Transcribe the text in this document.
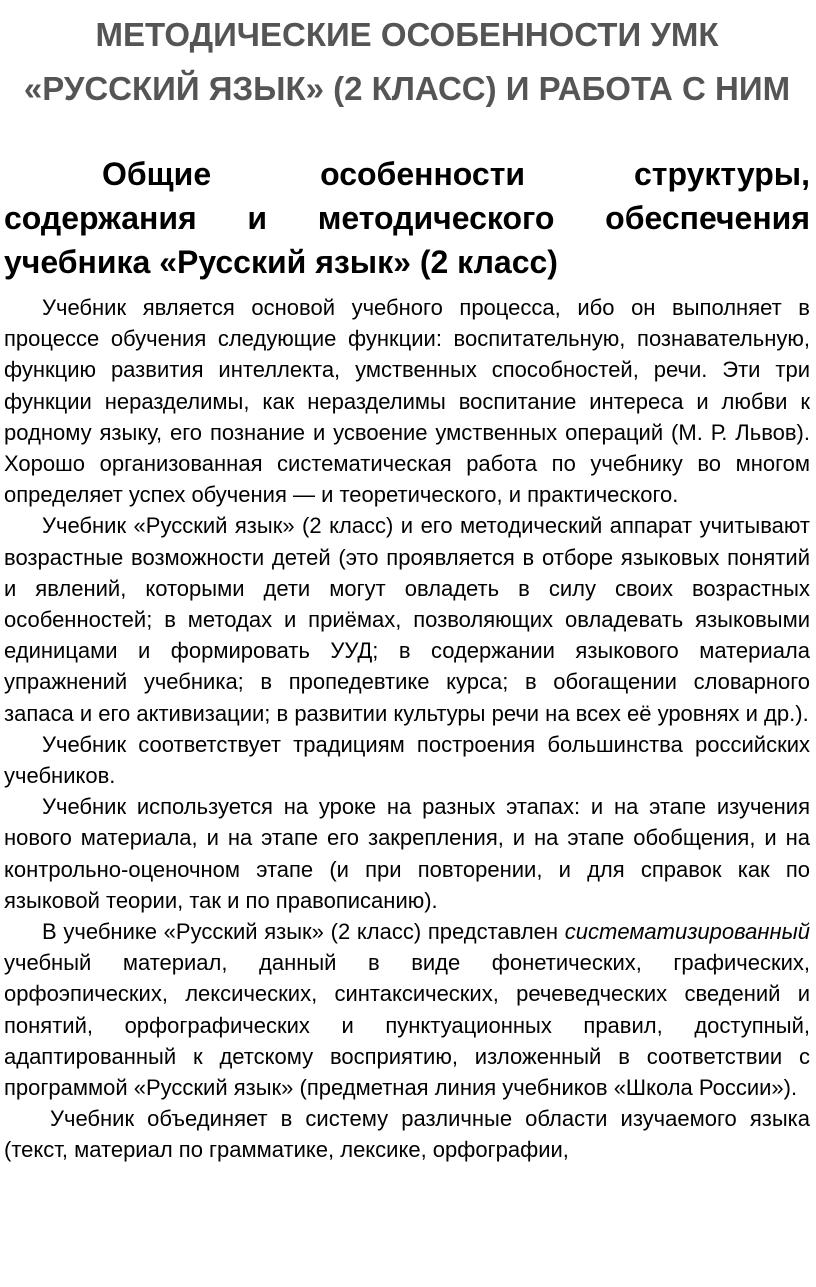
МЕТОДИЧЕСКИЕ ОСОБЕННОСТИ УМК
«РУССКИЙ ЯЗЫК» (2 КЛАСС) И РАБОТА С НИМ
Общие особенности структуры,
содержания и методического обеспечения
учебника «Русский язык» (2 класс)

Учебник является основой учебного процесса, ибо он выполняет в процессе обучения следующие функции: воспитательную, познавательную, функцию развития интеллекта, умственных способностей, речи. Эти три функции неразделимы, как неразделимы воспитание интереса и любви к родному языку, его познание и усвоение умственных операций (М. Р. Львов). Хорошо организованная систематическая работа по учебнику во многом определяет успех обучения — и теоретического, и практического.

Учебник «Русский язык» (2 класс) и его методический аппарат учитывают возрастные возможности детей (это проявляется в отборе языковых понятий и явлений, которыми дети могут овладеть в силу своих возрастных особенностей; в методах и приёмах, позволяющих овладевать языковыми единицами и формировать УУД; в содержании языкового материала упражнений учебника; в пропедевтике курса; в обогащении словарного запаса и его активизации; в развитии культуры речи на всех её уровнях и др.).

Учебник соответствует традициям построения большинства российских учебников.

Учебник используется на уроке на разных этапах: и на этапе изучения нового материала, и на этапе его закрепления, и на этапе обобщения, и на контрольно-оценочном этапе (и при повторении, и для справок как по языковой теории, так и по правописанию).

В учебнике «Русский язык» (2 класс) представлен систематизированный учебный материал, данный в виде фонетических, графических, орфоэпических, лексических, синтаксических, речеведческих сведений и понятий, орфографических и пунктуационных правил, доступный, адаптированный к детскому восприятию, изложенный в соответствии с программой «Русский язык» (предметная линия учебников «Школа России»).

Учебник объединяет в систему различные области изучаемого языка (текст, материал по грамматике, лексике, орфографии,
